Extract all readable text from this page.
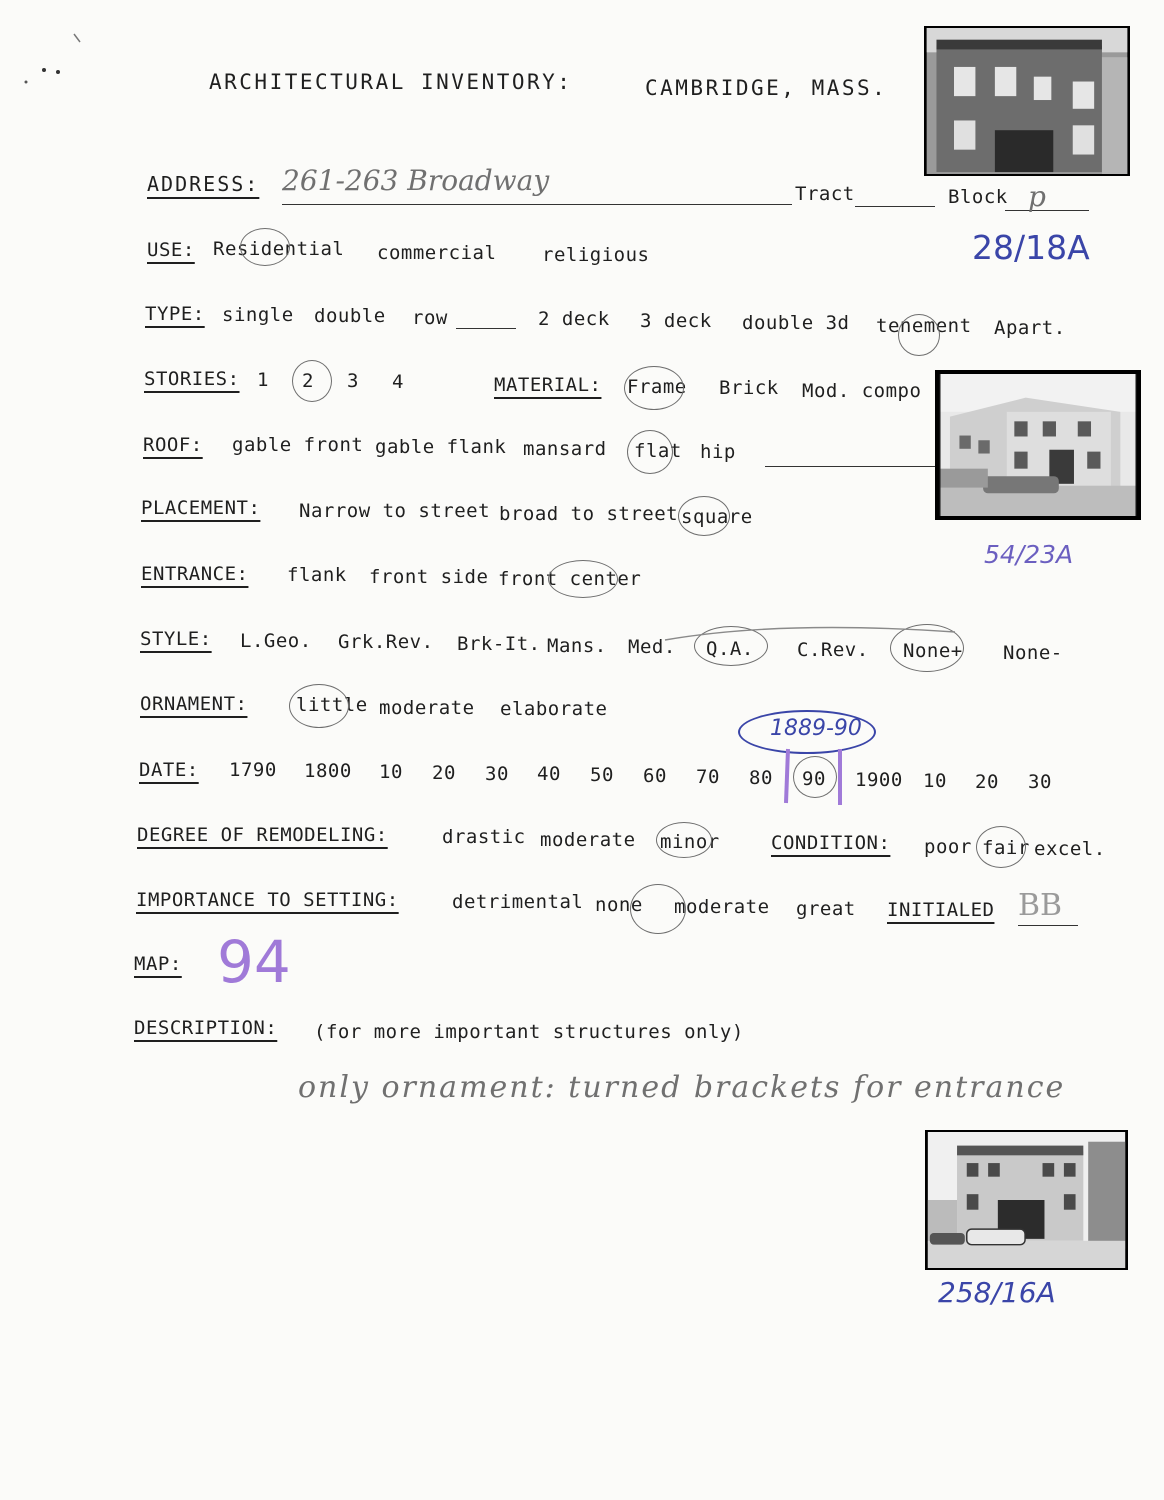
ARCHITECTURAL INVENTORY:	CAMBRIDGE, MASS.
28/18A
ADDRESS: 261-263 Broadway	Tract	Block p
USE: Residential commercial religious
TYPE: single double row	2 deck 3 deck double 3d tenement Apart.
STORIES: 1 2 3 4	MATERIAL: Frame Brick Mod. compo
ROOF: gable front gable flank mansard flat hip
PLACEMENT: Narrow to street broad to street square
54/23A
ENTRANCE: flank front side front center
STYLE: L.Geo. Grk.Rev. Brk-It. Mans. Med. Q.A. C.Rev. None+ None-
ORNAMENT:	little moderate elaborate
1889-90
DATE: 1790 1800 10 20 30 40 50 60 70 80 90 1900 10 20 30
DEGREE OF REMODELING:	drastic moderate minor	CONDITION: poor fair excel.
IMPORTANCE TO SETTING:	detrimental none moderate great INITIALED BB
MAP: 94
DESCRIPTION: (for more important structures only)
only ornament: turned brackets for entrance
258/16A
